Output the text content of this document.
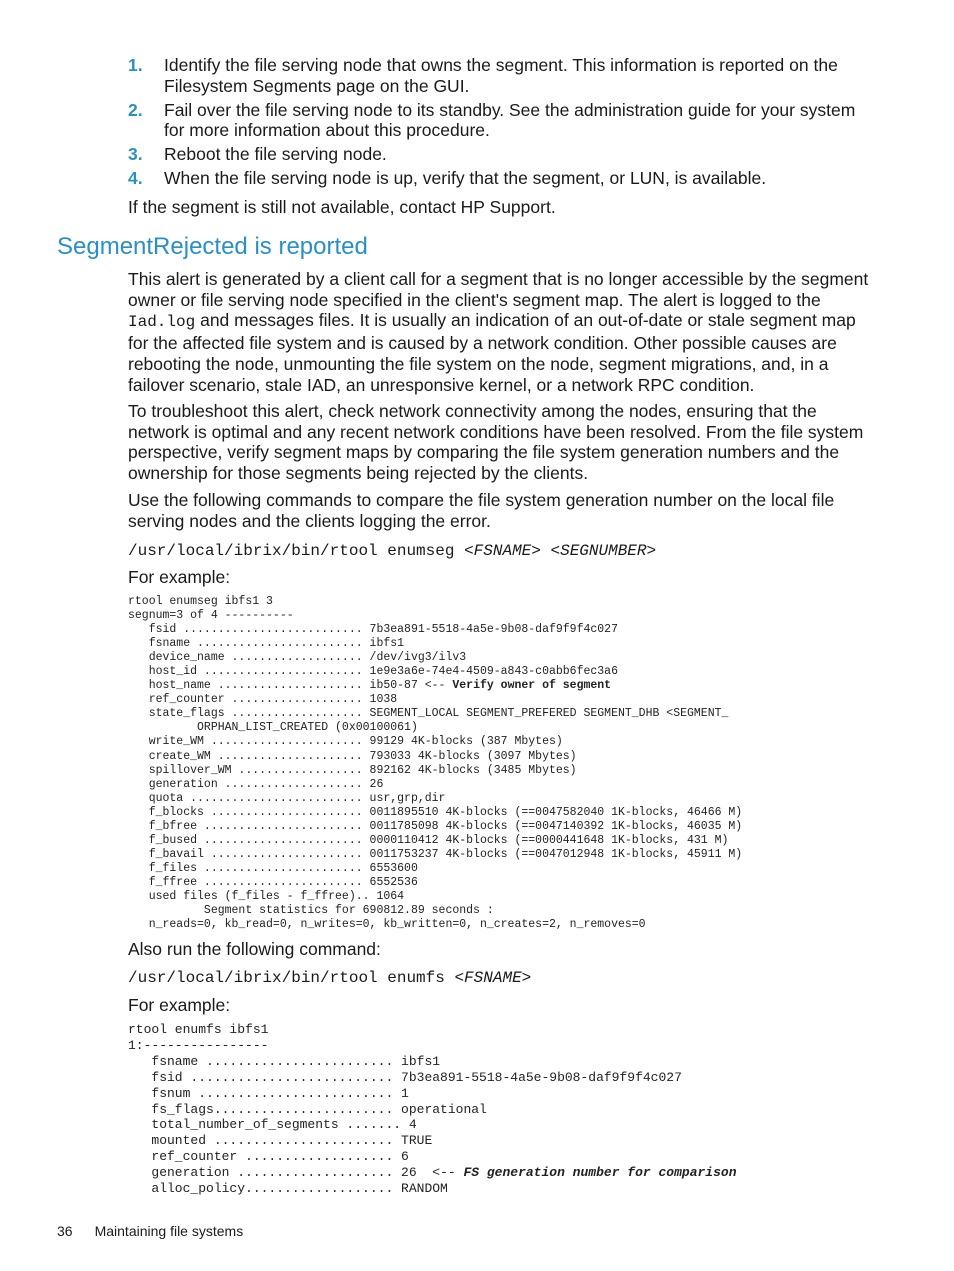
1. Identify the file serving node that owns the segment. This information is reported on the Filesystem Segments page on the GUI.
2. Fail over the file serving node to its standby. See the administration guide for your system for more information about this procedure.
3. Reboot the file serving node.
4. When the file serving node is up, verify that the segment, or LUN, is available.

If the segment is still not available, contact HP Support.

SegmentRejected is reported

This alert is generated by a client call for a segment that is no longer accessible by the segment owner or file serving node specified in the client's segment map. The alert is logged to the Iad.log and messages files. It is usually an indication of an out-of-date or stale segment map for the affected file system and is caused by a network condition. Other possible causes are rebooting the node, unmounting the file system on the node, segment migrations, and, in a failover scenario, stale IAD, an unresponsive kernel, or a network RPC condition.

To troubleshoot this alert, check network connectivity among the nodes, ensuring that the network is optimal and any recent network conditions have been resolved. From the file system perspective, verify segment maps by comparing the file system generation numbers and the ownership for those segments being rejected by the clients.

Use the following commands to compare the file system generation number on the local file serving nodes and the clients logging the error.

/usr/local/ibrix/bin/rtool enumseg <FSNAME> <SEGNUMBER>

For example:

rtool enumseg ibfs1 3
segnum=3 of 4 ----------
fsid .......................... 7b3ea891-5518-4a5e-9b08-daf9f9f4c027
fsname ........................ ibfs1
device_name ................... /dev/ivg3/ilv3
host_id ....................... 1e9e3a6e-74e4-4509-a843-c0abb6fec3a6
host_name ..................... ib50-87 <-- Verify owner of segment
ref_counter ................... 1038
state_flags ................... SEGMENT_LOCAL SEGMENT_PREFERED SEGMENT_DHB <SEGMENT_
ORPHAN_LIST_CREATED (0x00100061)
write_WM ...................... 99129 4K-blocks (387 Mbytes)
create_WM ..................... 793033 4K-blocks (3097 Mbytes)
spillover_WM .................. 892162 4K-blocks (3485 Mbytes)
generation .................... 26
quota ......................... usr,grp,dir
f_blocks ...................... 0011895510 4K-blocks (==0047582040 1K-blocks, 46466 M)
f_bfree ....................... 0011785098 4K-blocks (==0047140392 1K-blocks, 46035 M)
f_bused ....................... 0000110412 4K-blocks (==0000441648 1K-blocks, 431 M)
f_bavail ...................... 0011753237 4K-blocks (==0047012948 1K-blocks, 45911 M)
f_files ....................... 6553600
f_ffree ....................... 6552536
used files (f_files - f_ffree).. 1064
Segment statistics for 690812.89 seconds :
n_reads=0, kb_read=0, n_writes=0, kb_written=0, n_creates=2, n_removes=0

Also run the following command:

/usr/local/ibrix/bin/rtool enumfs <FSNAME>

For example:

rtool enumfs ibfs1
1:----------------
fsname ........................ ibfs1
fsid .......................... 7b3ea891-5518-4a5e-9b08-daf9f9f4c027
fsnum ......................... 1
fs_flags....................... operational
total_number_of_segments ....... 4
mounted ....................... TRUE
ref_counter ................... 6
generation .................... 26  <-- FS generation number for comparison
alloc_policy................... RANDOM
36 Maintaining file systems
